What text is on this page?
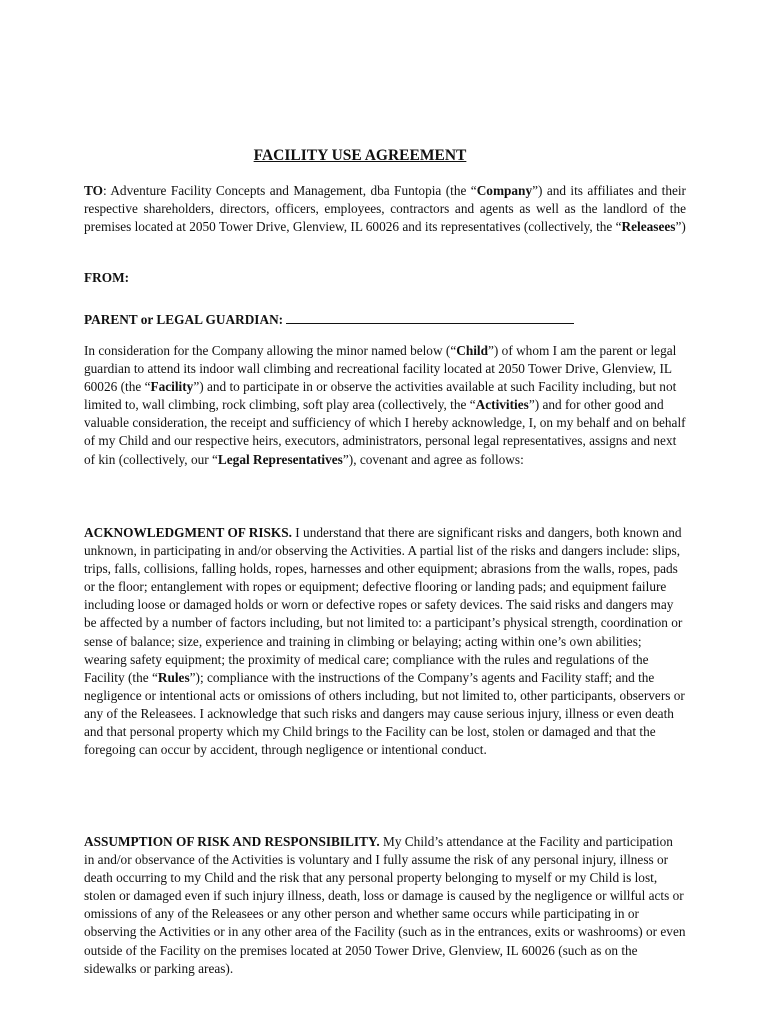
FACILITY USE AGREEMENT
TO: Adventure Facility Concepts and Management, dba Funtopia (the “Company”) and its affiliates and their respective shareholders, directors, officers, employees, contractors and agents as well as the landlord of the premises located at 2050 Tower Drive, Glenview, IL 60026 and its representatives (collectively, the “Releasees”)
FROM:
PARENT or LEGAL GUARDIAN:
In consideration for the Company allowing the minor named below (“Child”) of whom I am the parent or legal guardian to attend its indoor wall climbing and recreational facility located at 2050 Tower Drive, Glenview, IL 60026 (the “Facility”) and to participate in or observe the activities available at such Facility including, but not limited to, wall climbing, rock climbing, soft play area (collectively, the “Activities”) and for other good and valuable consideration, the receipt and sufficiency of which I hereby acknowledge, I, on my behalf and on behalf of my Child and our respective heirs, executors, administrators, personal legal representatives, assigns and next of kin (collectively, our “Legal Representatives”), covenant and agree as follows:
ACKNOWLEDGMENT OF RISKS. I understand that there are significant risks and dangers, both known and unknown, in participating in and/or observing the Activities. A partial list of the risks and dangers include: slips, trips, falls, collisions, falling holds, ropes, harnesses and other equipment; abrasions from the walls, ropes, pads or the floor; entanglement with ropes or equipment; defective flooring or landing pads; and equipment failure including loose or damaged holds or worn or defective ropes or safety devices. The said risks and dangers may be affected by a number of factors including, but not limited to: a participant’s physical strength, coordination or sense of balance; size, experience and training in climbing or belaying; acting within one’s own abilities; wearing safety equipment; the proximity of medical care; compliance with the rules and regulations of the Facility (the “Rules”); compliance with the instructions of the Company’s agents and Facility staff; and the negligence or intentional acts or omissions of others including, but not limited to, other participants, observers or any of the Releasees. I acknowledge that such risks and dangers may cause serious injury, illness or even death and that personal property which my Child brings to the Facility can be lost, stolen or damaged and that the foregoing can occur by accident, through negligence or intentional conduct.
ASSUMPTION OF RISK AND RESPONSIBILITY. My Child’s attendance at the Facility and participation in and/or observance of the Activities is voluntary and I fully assume the risk of any personal injury, illness or death occurring to my Child and the risk that any personal property belonging to myself or my Child is lost, stolen or damaged even if such injury illness, death, loss or damage is caused by the negligence or willful acts or omissions of any of the Releasees or any other person and whether same occurs while participating in or observing the Activities or in any other area of the Facility (such as in the entrances, exits or washrooms) or even outside of the Facility on the premises located at 2050 Tower Drive, Glenview, IL 60026 (such as on the sidewalks or parking areas).
